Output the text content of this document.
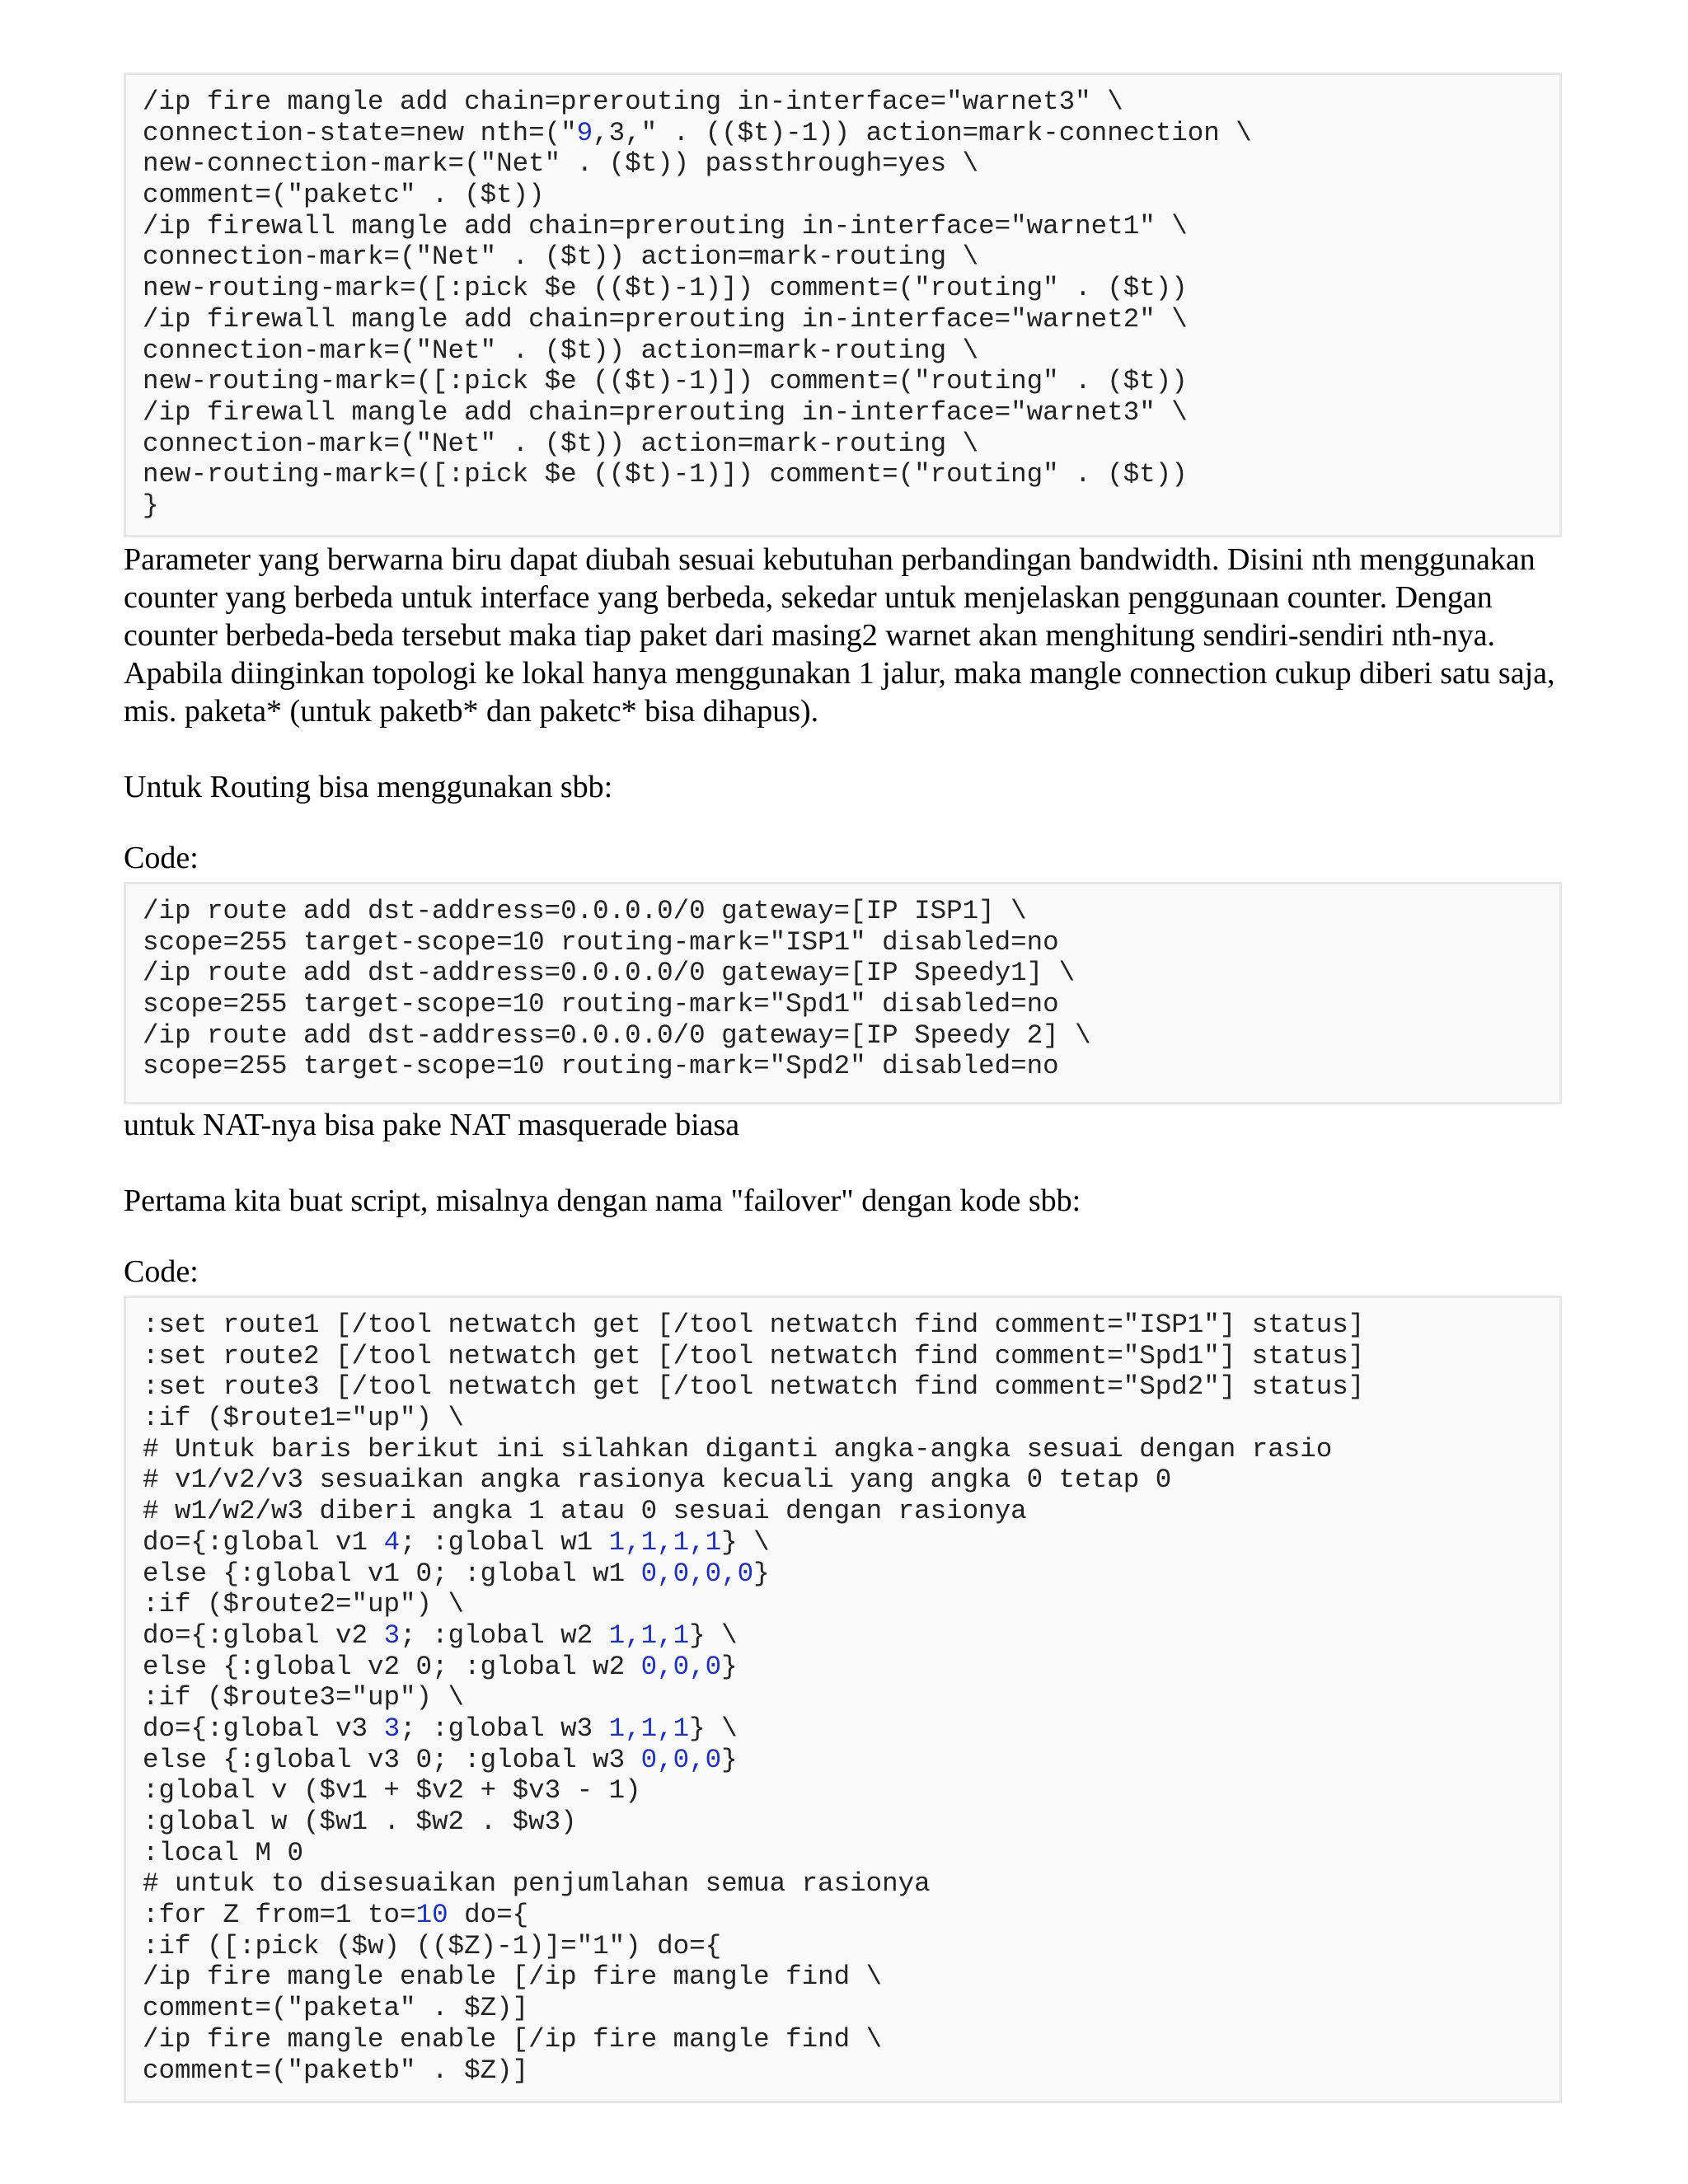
/ip fire mangle add chain=prerouting in-interface="warnet3" \
connection-state=new nth=("9,3," . (($t)-1)) action=mark-connection \
new-connection-mark=("Net" . ($t)) passthrough=yes \
comment=("paketc" . ($t))
/ip firewall mangle add chain=prerouting in-interface="warnet1" \
connection-mark=("Net" . ($t)) action=mark-routing \
new-routing-mark=([:pick $e (($t)-1)]) comment=("routing" . ($t))
/ip firewall mangle add chain=prerouting in-interface="warnet2" \
connection-mark=("Net" . ($t)) action=mark-routing \
new-routing-mark=([:pick $e (($t)-1)]) comment=("routing" . ($t))
/ip firewall mangle add chain=prerouting in-interface="warnet3" \
connection-mark=("Net" . ($t)) action=mark-routing \
new-routing-mark=([:pick $e (($t)-1)]) comment=("routing" . ($t))
}

Parameter yang berwarna biru dapat diubah sesuai kebutuhan perbandingan bandwidth. Disini nth menggunakan counter yang berbeda untuk interface yang berbeda, sekedar untuk menjelaskan penggunaan counter. Dengan counter berbeda-beda tersebut maka tiap paket dari masing2 warnet akan menghitung sendiri-sendiri nth-nya. Apabila diinginkan topologi ke lokal hanya menggunakan 1 jalur, maka mangle connection cukup diberi satu saja, mis. paketa* (untuk paketb* dan paketc* bisa dihapus).

Untuk Routing bisa menggunakan sbb:

Code:

/ip route add dst-address=0.0.0.0/0 gateway=[IP ISP1] \
scope=255 target-scope=10 routing-mark="ISP1" disabled=no
/ip route add dst-address=0.0.0.0/0 gateway=[IP Speedy1] \
scope=255 target-scope=10 routing-mark="Spd1" disabled=no
/ip route add dst-address=0.0.0.0/0 gateway=[IP Speedy 2] \
scope=255 target-scope=10 routing-mark="Spd2" disabled=no

untuk NAT-nya bisa pake NAT masquerade biasa

Pertama kita buat script, misalnya dengan nama "failover" dengan kode sbb:

Code:

:set route1 [/tool netwatch get [/tool netwatch find comment="ISP1"] status]
:set route2 [/tool netwatch get [/tool netwatch find comment="Spd1"] status]
:set route3 [/tool netwatch get [/tool netwatch find comment="Spd2"] status]
:if ($route1="up") \
# Untuk baris berikut ini silahkan diganti angka-angka sesuai dengan rasio
# v1/v2/v3 sesuaikan angka rasionya kecuali yang angka 0 tetap 0
# w1/w2/w3 diberi angka 1 atau 0 sesuai dengan rasionya
do={:global v1 4; :global w1 1,1,1,1} \
else {:global v1 0; :global w1 0,0,0,0}
:if ($route2="up") \
do={:global v2 3; :global w2 1,1,1} \
else {:global v2 0; :global w2 0,0,0}
:if ($route3="up") \
do={:global v3 3; :global w3 1,1,1} \
else {:global v3 0; :global w3 0,0,0}
:global v ($v1 + $v2 + $v3 - 1)
:global w ($w1 . $w2 . $w3)
:local M 0
# untuk to disesuaikan penjumlahan semua rasionya
:for Z from=1 to=10 do={
:if ([:pick ($w) (($Z)-1)]="1") do={
/ip fire mangle enable [/ip fire mangle find \
comment=("paketa" . $Z)]
/ip fire mangle enable [/ip fire mangle find \
comment=("paketb" . $Z)]
